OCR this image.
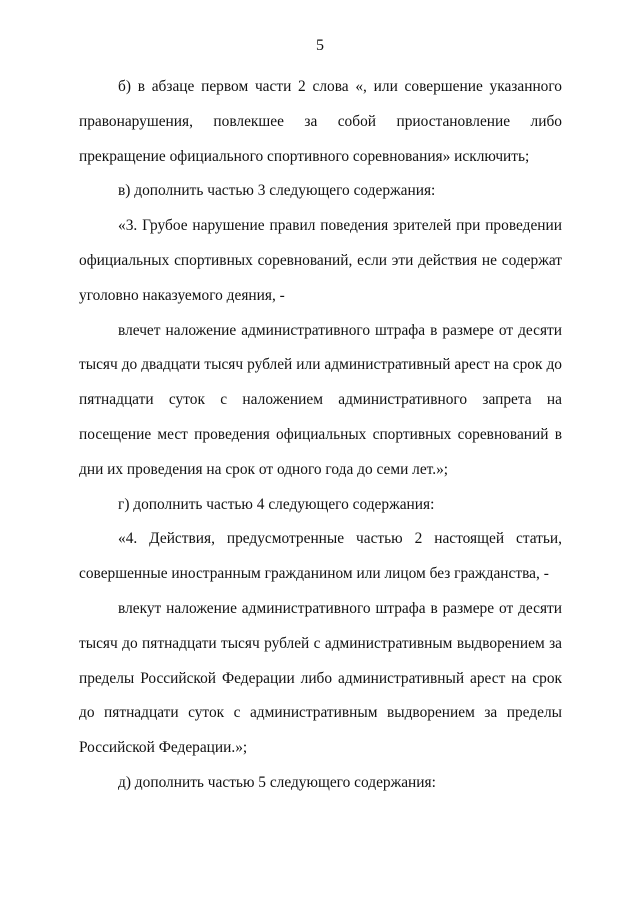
5

б) в абзаце первом части 2 слова «, или совершение указанного правонарушения, повлекшее за собой приостановление либо прекращение официального спортивного соревнования» исключить;

в) дополнить частью 3 следующего содержания:

«3. Грубое нарушение правил поведения зрителей при проведении официальных спортивных соревнований, если эти действия не содержат уголовно наказуемого деяния, -

влечет наложение административного штрафа в размере от десяти тысяч до двадцати тысяч рублей или административный арест на срок до пятнадцати суток с наложением административного запрета на посещение мест проведения официальных спортивных соревнований в дни их проведения на срок от одного года до семи лет.»;

г) дополнить частью 4 следующего содержания:

«4. Действия, предусмотренные частью 2 настоящей статьи, совершенные иностранным гражданином или лицом без гражданства, -

влекут наложение административного штрафа в размере от десяти тысяч до пятнадцати тысяч рублей с административным выдворением за пределы Российской Федерации либо административный арест на срок до пятнадцати суток с административным выдворением за пределы Российской Федерации.»;

д) дополнить частью 5 следующего содержания:
